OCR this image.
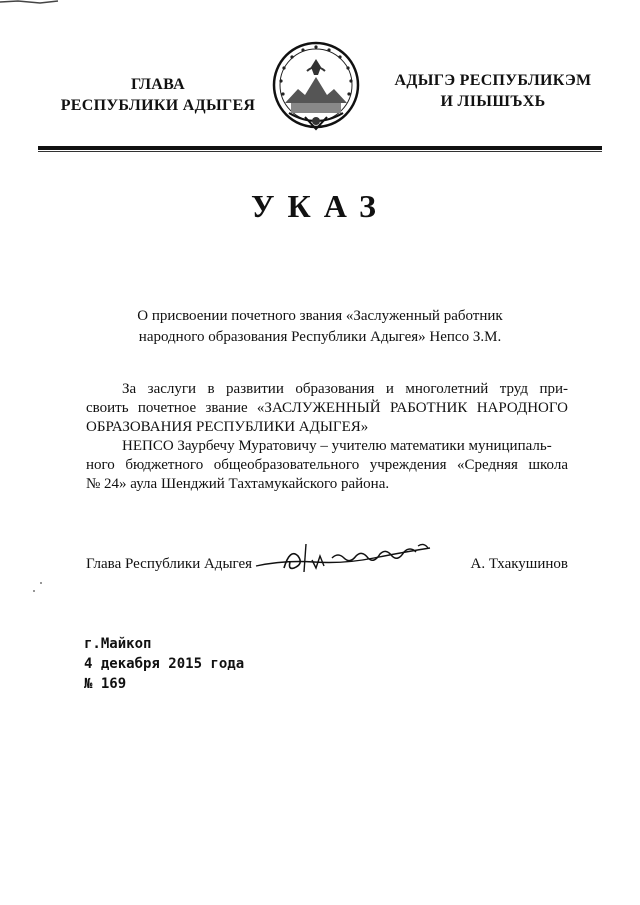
ГЛАВА
РЕСПУБЛИКИ АДЫГЕЯ
АДЫГЭ РЕСПУБЛИКЭМ
И ЛІЫШЪХЬ
УКАЗ
О присвоении почетного звания «Заслуженный работник
народного образования Республики Адыгея» Непсо З.М.
За заслуги в развитии образования и многолетний труд при-
своить почетное звание «ЗАСЛУЖЕННЫЙ РАБОТНИК НАРОДНОГО
ОБРАЗОВАНИЯ РЕСПУБЛИКИ АДЫГЕЯ»
НЕПСО Заурбечу Муратовичу – учителю математики муниципаль-
ного бюджетного общеобразовательного учреждения «Средняя школа
№ 24» аула Шенджий Тахтамукайского района.
Глава Республики Адыгея	А. Тхакушинов
г.Майкоп
4 декабря 2015 года
№ 169
